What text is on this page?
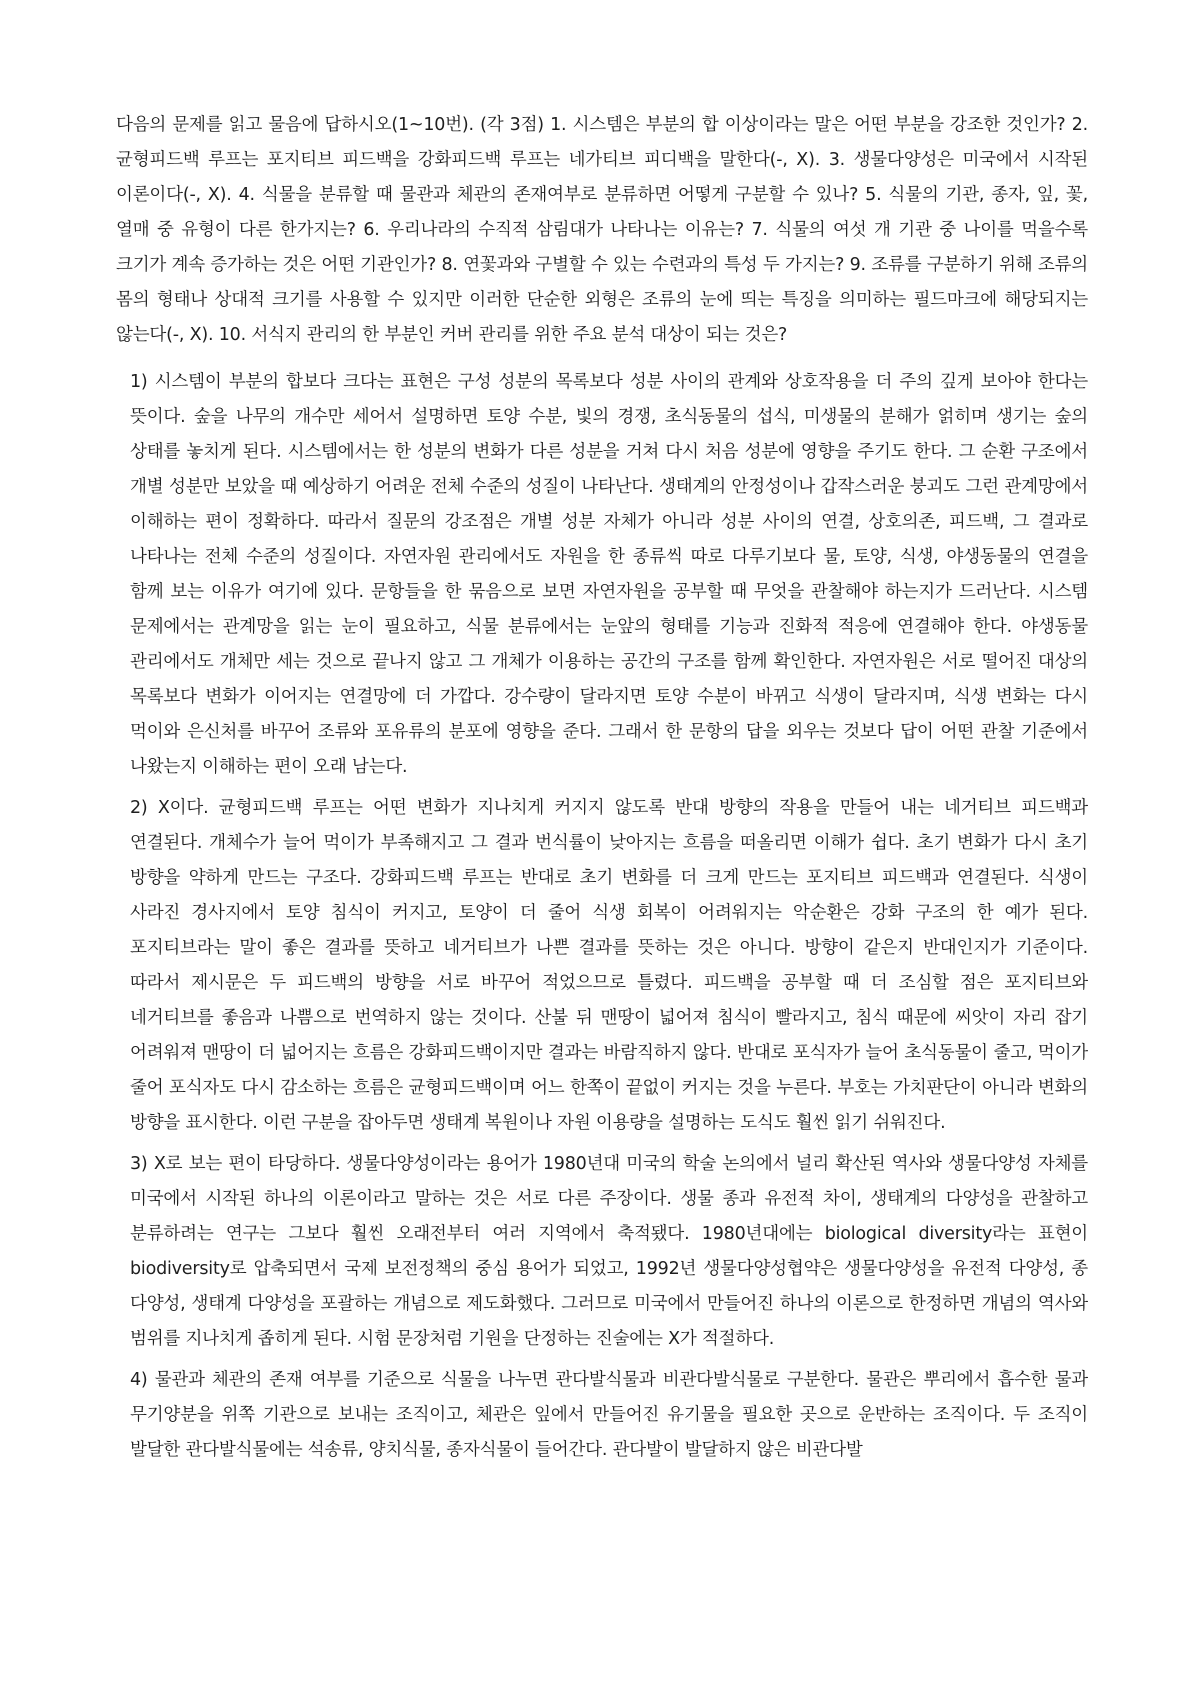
다음의 문제를 읽고 물음에 답하시오(1~10번). (각 3점) 1. 시스템은 부분의 합 이상이라는 말은 어떤 부분을 강조한 것인가? 2. 균형피드백 루프는 포지티브 피드백을 강화피드백 루프는 네가티브 피디백을 말한다(-, X). 3. 생물다양성은 미국에서 시작된 이론이다(-, X). 4. 식물을 분류할 때 물관과 체관의 존재여부로 분류하면 어떻게 구분할 수 있나? 5. 식물의 기관, 종자, 잎, 꽃, 열매 중 유형이 다른 한가지는? 6. 우리나라의 수직적 삼림대가 나타나는 이유는? 7. 식물의 여섯 개 기관 중 나이를 먹을수록 크기가 계속 증가하는 것은 어떤 기관인가? 8. 연꽃과와 구별할 수 있는 수련과의 특성 두 가지는? 9. 조류를 구분하기 위해 조류의 몸의 형태나 상대적 크기를 사용할 수 있지만 이러한 단순한 외형은 조류의 눈에 띄는 특징을 의미하는 필드마크에 해당되지는 않는다(-, X). 10. 서식지 관리의 한 부분인 커버 관리를 위한 주요 분석 대상이 되는 것은?

1) 시스템이 부분의 합보다 크다는 표현은 구성 성분의 목록보다 성분 사이의 관계와 상호작용을 더 주의 깊게 보아야 한다는 뜻이다. 숲을 나무의 개수만 세어서 설명하면 토양 수분, 빛의 경쟁, 초식동물의 섭식, 미생물의 분해가 얽히며 생기는 숲의 상태를 놓치게 된다. 시스템에서는 한 성분의 변화가 다른 성분을 거쳐 다시 처음 성분에 영향을 주기도 한다. 그 순환 구조에서 개별 성분만 보았을 때 예상하기 어려운 전체 수준의 성질이 나타난다. 생태계의 안정성이나 갑작스러운 붕괴도 그런 관계망에서 이해하는 편이 정확하다. 따라서 질문의 강조점은 개별 성분 자체가 아니라 성분 사이의 연결, 상호의존, 피드백, 그 결과로 나타나는 전체 수준의 성질이다. 자연자원 관리에서도 자원을 한 종류씩 따로 다루기보다 물, 토양, 식생, 야생동물의 연결을 함께 보는 이유가 여기에 있다. 문항들을 한 묶음으로 보면 자연자원을 공부할 때 무엇을 관찰해야 하는지가 드러난다. 시스템 문제에서는 관계망을 읽는 눈이 필요하고, 식물 분류에서는 눈앞의 형태를 기능과 진화적 적응에 연결해야 한다. 야생동물 관리에서도 개체만 세는 것으로 끝나지 않고 그 개체가 이용하는 공간의 구조를 함께 확인한다. 자연자원은 서로 떨어진 대상의 목록보다 변화가 이어지는 연결망에 더 가깝다. 강수량이 달라지면 토양 수분이 바뀌고 식생이 달라지며, 식생 변화는 다시 먹이와 은신처를 바꾸어 조류와 포유류의 분포에 영향을 준다. 그래서 한 문항의 답을 외우는 것보다 답이 어떤 관찰 기준에서 나왔는지 이해하는 편이 오래 남는다.
2) X이다. 균형피드백 루프는 어떤 변화가 지나치게 커지지 않도록 반대 방향의 작용을 만들어 내는 네거티브 피드백과 연결된다. 개체수가 늘어 먹이가 부족해지고 그 결과 번식률이 낮아지는 흐름을 떠올리면 이해가 쉽다. 초기 변화가 다시 초기 방향을 약하게 만드는 구조다. 강화피드백 루프는 반대로 초기 변화를 더 크게 만드는 포지티브 피드백과 연결된다. 식생이 사라진 경사지에서 토양 침식이 커지고, 토양이 더 줄어 식생 회복이 어려워지는 악순환은 강화 구조의 한 예가 된다. 포지티브라는 말이 좋은 결과를 뜻하고 네거티브가 나쁜 결과를 뜻하는 것은 아니다. 방향이 같은지 반대인지가 기준이다. 따라서 제시문은 두 피드백의 방향을 서로 바꾸어 적었으므로 틀렸다. 피드백을 공부할 때 더 조심할 점은 포지티브와 네거티브를 좋음과 나쁨으로 번역하지 않는 것이다. 산불 뒤 맨땅이 넓어져 침식이 빨라지고, 침식 때문에 씨앗이 자리 잡기 어려워져 맨땅이 더 넓어지는 흐름은 강화피드백이지만 결과는 바람직하지 않다. 반대로 포식자가 늘어 초식동물이 줄고, 먹이가 줄어 포식자도 다시 감소하는 흐름은 균형피드백이며 어느 한쪽이 끝없이 커지는 것을 누른다. 부호는 가치판단이 아니라 변화의 방향을 표시한다. 이런 구분을 잡아두면 생태계 복원이나 자원 이용량을 설명하는 도식도 훨씬 읽기 쉬워진다.
3) X로 보는 편이 타당하다. 생물다양성이라는 용어가 1980년대 미국의 학술 논의에서 널리 확산된 역사와 생물다양성 자체를 미국에서 시작된 하나의 이론이라고 말하는 것은 서로 다른 주장이다. 생물 종과 유전적 차이, 생태계의 다양성을 관찰하고 분류하려는 연구는 그보다 훨씬 오래전부터 여러 지역에서 축적됐다. 1980년대에는 biological diversity라는 표현이 biodiversity로 압축되면서 국제 보전정책의 중심 용어가 되었고, 1992년 생물다양성협약은 생물다양성을 유전적 다양성, 종 다양성, 생태계 다양성을 포괄하는 개념으로 제도화했다. 그러므로 미국에서 만들어진 하나의 이론으로 한정하면 개념의 역사와 범위를 지나치게 좁히게 된다. 시험 문장처럼 기원을 단정하는 진술에는 X가 적절하다.
4) 물관과 체관의 존재 여부를 기준으로 식물을 나누면 관다발식물과 비관다발식물로 구분한다. 물관은 뿌리에서 흡수한 물과 무기양분을 위쪽 기관으로 보내는 조직이고, 체관은 잎에서 만들어진 유기물을 필요한 곳으로 운반하는 조직이다. 두 조직이 발달한 관다발식물에는 석송류, 양치식물, 종자식물이 들어간다. 관다발이 발달하지 않은 비관다발
